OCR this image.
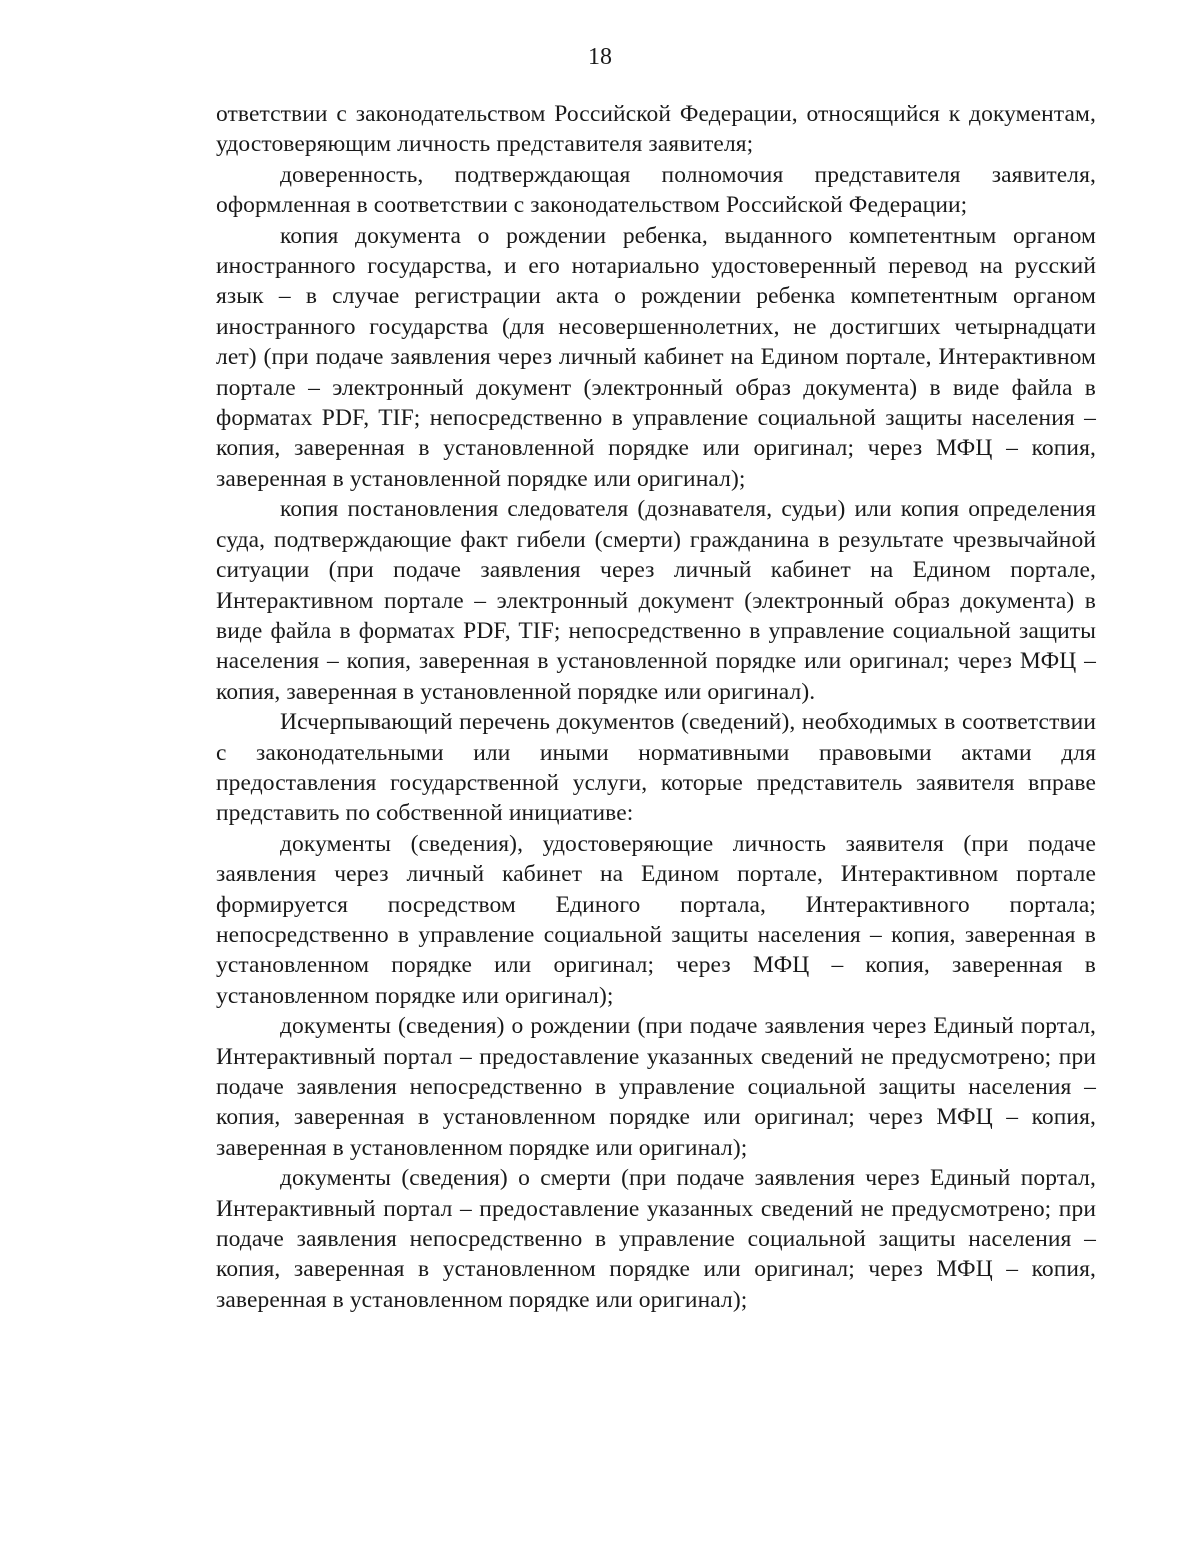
18

ответствии с законодательством Российской Федерации, относящийся к документам, удостоверяющим личность представителя заявителя;

доверенность, подтверждающая полномочия представителя заявителя, оформленная в соответствии с законодательством Российской Федерации;

копия документа о рождении ребенка, выданного компетентным органом иностранного государства, и его нотариально удостоверенный перевод на русский язык – в случае регистрации акта о рождении ребенка компетентным органом иностранного государства (для несовершеннолетних, не достигших четырнадцати лет) (при подаче заявления через личный кабинет на Едином портале, Интерактивном портале – электронный документ (электронный образ документа) в виде файла в форматах PDF, TIF; непосредственно в управление социальной защиты населения – копия, заверенная в установленной порядке или оригинал; через МФЦ – копия, заверенная в установленной порядке или оригинал);

копия постановления следователя (дознавателя, судьи) или копия определения суда, подтверждающие факт гибели (смерти) гражданина в результате чрезвычайной ситуации (при подаче заявления через личный кабинет на Едином портале, Интерактивном портале – электронный документ (электронный образ документа) в виде файла в форматах PDF, TIF; непосредственно в управление социальной защиты населения – копия, заверенная в установленной порядке или оригинал; через МФЦ – копия, заверенная в установленной порядке или оригинал).

Исчерпывающий перечень документов (сведений), необходимых в соответствии с законодательными или иными нормативными правовыми актами для предоставления государственной услуги, которые представитель заявителя вправе представить по собственной инициативе:

документы (сведения), удостоверяющие личность заявителя (при подаче заявления через личный кабинет на Едином портале, Интерактивном портале формируется посредством Единого портала, Интерактивного портала; непосредственно в управление социальной защиты населения – копия, заверенная в установленном порядке или оригинал; через МФЦ – копия, заверенная в установленном порядке или оригинал);

документы (сведения) о рождении (при подаче заявления через Единый портал, Интерактивный портал – предоставление указанных сведений не предусмотрено; при подаче заявления непосредственно в управление социальной защиты населения – копия, заверенная в установленном порядке или оригинал; через МФЦ – копия, заверенная в установленном порядке или оригинал);

документы (сведения) о смерти (при подаче заявления через Единый портал, Интерактивный портал – предоставление указанных сведений не предусмотрено; при подаче заявления непосредственно в управление социальной защиты населения – копия, заверенная в установленном порядке или оригинал; через МФЦ – копия, заверенная в установленном порядке или оригинал);
